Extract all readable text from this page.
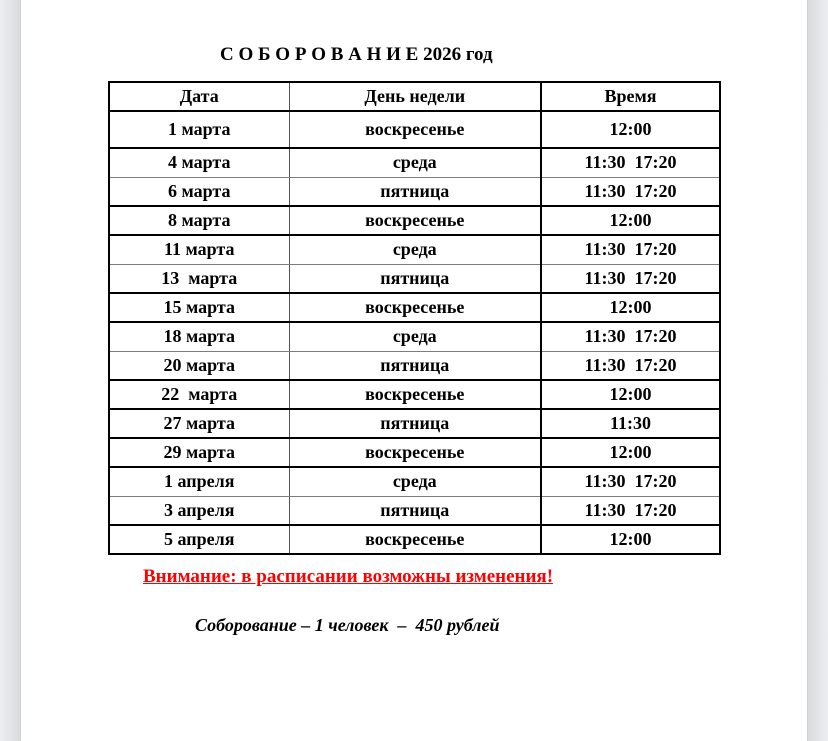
С О Б О Р О В А Н И Е 2026 год
Дата	День недели	Время
1 марта	воскресенье	12:00
4 марта	среда	11:30  17:20
6 марта	пятница	11:30  17:20
8 марта	воскресенье	12:00
11 марта	среда	11:30  17:20
13  марта	пятница	11:30  17:20
15 марта	воскресенье	12:00
18 марта	среда	11:30  17:20
20 марта	пятница	11:30  17:20
22  марта	воскресенье	12:00
27 марта	пятница	11:30
29 марта	воскресенье	12:00
1 апреля	среда	11:30  17:20
3 апреля	пятница	11:30  17:20
5 апреля	воскресенье	12:00
Внимание: в расписании возможны изменения!
Соборование – 1 человек  –  450 рублей
